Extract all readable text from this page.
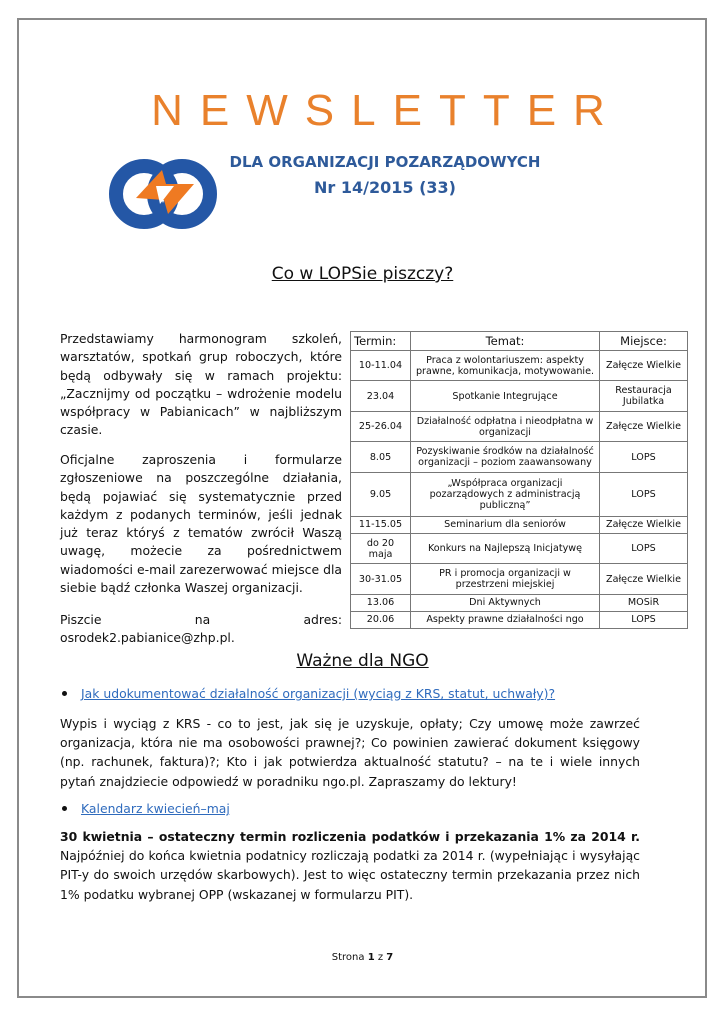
NEWSLETTER
DLA ORGANIZACJI POZARZĄDOWYCH
Nr 14/2015 (33)
Co w LOPSie piszczy?

Przedstawiamy harmonogram szkoleń, warsztatów, spotkań grup roboczych, które będą odbywały się w ramach projektu: „Zacznijmy od początku – wdrożenie modelu współpracy w Pabianicach” w najbliższym czasie.

Oficjalne zaproszenia i formularze zgłoszeniowe na poszczególne działania, będą pojawiać się systematycznie przed każdym z podanych terminów, jeśli jednak już teraz któryś z tematów zwrócił Waszą uwagę, możecie za pośrednictwem wiadomości e-mail zarezerwować miejsce dla siebie bądź członka Waszej organizacji.

Piszcie na adres: osrodek2.pabianice@zhp.pl.

Termin:	Temat:	Miejsce:
10-11.04	Praca z wolontariuszem: aspekty prawne, komunikacja, motywowanie.	Załęcze Wielkie
23.04	Spotkanie Integrujące	Restauracja Jubilatka
25-26.04	Działalność odpłatna i nieodpłatna w organizacji	Załęcze Wielkie
8.05	Pozyskiwanie środków na działalność organizacji – poziom zaawansowany	LOPS
9.05	„Współpraca organizacji pozarządowych z administracją publiczną”	LOPS
11-15.05	Seminarium dla seniorów	Załęcze Wielkie
do 20 maja	Konkurs na Najlepszą Inicjatywę	LOPS
30-31.05	PR i promocja organizacji w przestrzeni miejskiej	Załęcze Wielkie
13.06	Dni Aktywnych	MOSiR
20.06	Aspekty prawne działalności ngo	LOPS
Ważne dla NGO
Jak udokumentować działalność organizacji (wyciąg z KRS, statut, uchwały)?

Wypis i wyciąg z KRS - co to jest, jak się je uzyskuje, opłaty; Czy umowę może zawrzeć organizacja, która nie ma osobowości prawnej?; Co powinien zawierać dokument księgowy (np. rachunek, faktura)?; Kto i jak potwierdza aktualność statutu? – na te i wiele innych pytań znajdziecie odpowiedź w poradniku ngo.pl. Zapraszamy do lektury!

Kalendarz kwiecień–maj

30 kwietnia – ostateczny termin rozliczenia podatków i przekazania 1% za 2014 r. Najpóźniej do końca kwietnia podatnicy rozliczają podatki za 2014 r. (wypełniając i wysyłając PIT-y do swoich urzędów skarbowych). Jest to więc ostateczny termin przekazania przez nich 1% podatku wybranej OPP (wskazanej w formularzu PIT).

Strona 1 z 7
